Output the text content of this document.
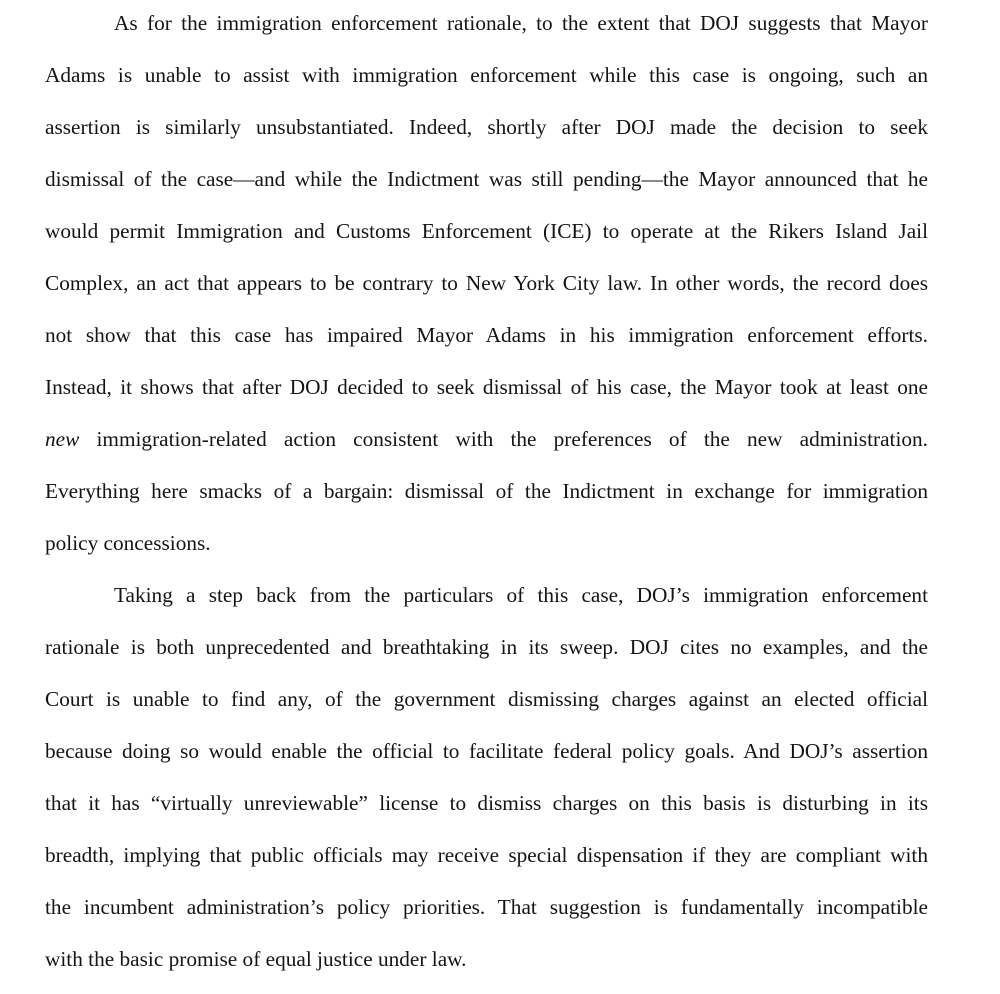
As for the immigration enforcement rationale, to the extent that DOJ suggests that Mayor
Adams is unable to assist with immigration enforcement while this case is ongoing, such an
assertion is similarly unsubstantiated. Indeed, shortly after DOJ made the decision to seek
dismissal of the case—and while the Indictment was still pending—the Mayor announced that he
would permit Immigration and Customs Enforcement (ICE) to operate at the Rikers Island Jail
Complex, an act that appears to be contrary to New York City law. In other words, the record does
not show that this case has impaired Mayor Adams in his immigration enforcement efforts.
Instead, it shows that after DOJ decided to seek dismissal of his case, the Mayor took at least one
new immigration-related action consistent with the preferences of the new administration.
Everything here smacks of a bargain: dismissal of the Indictment in exchange for immigration
policy concessions.
Taking a step back from the particulars of this case, DOJ’s immigration enforcement
rationale is both unprecedented and breathtaking in its sweep. DOJ cites no examples, and the
Court is unable to find any, of the government dismissing charges against an elected official
because doing so would enable the official to facilitate federal policy goals. And DOJ’s assertion
that it has “virtually unreviewable” license to dismiss charges on this basis is disturbing in its
breadth, implying that public officials may receive special dispensation if they are compliant with
the incumbent administration’s policy priorities. That suggestion is fundamentally incompatible
with the basic promise of equal justice under law.
